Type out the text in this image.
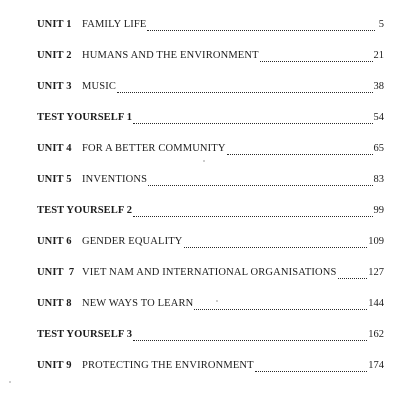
UNIT 1 FAMILY LIFE	5
UNIT 2 HUMANS AND THE ENVIRONMENT	21
UNIT 3 MUSIC	38
TEST YOURSELF 1	54
UNIT 4 FOR A BETTER COMMUNITY	65
UNIT 5 INVENTIONS	83
TEST YOURSELF 2	99
UNIT 6 GENDER EQUALITY	109
UNIT  7 VIET NAM AND INTERNATIONAL ORGANISATIONS	127
UNIT 8 NEW WAYS TO LEARN	144
TEST YOURSELF 3	162
UNIT 9 PROTECTING THE ENVIRONMENT	174
